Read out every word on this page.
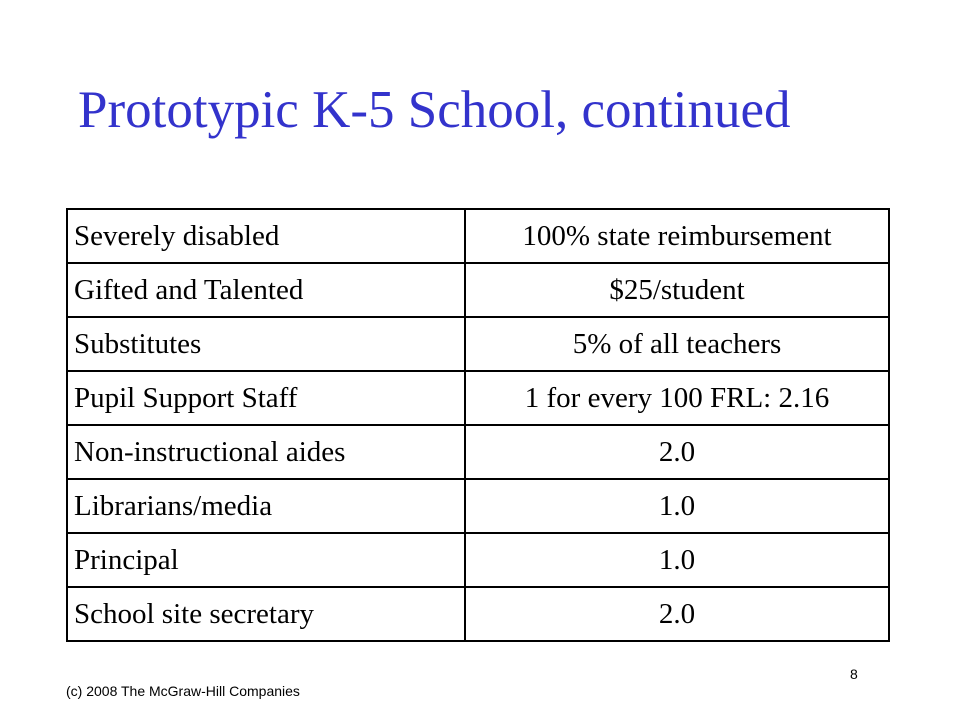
Prototypic K-5 School, continued
Severely disabled	100% state reimbursement
Gifted and Talented	$25/student
Substitutes	5% of all teachers
Pupil Support Staff	1 for every 100 FRL: 2.16
Non-instructional aides	2.0
Librarians/media	1.0
Principal	1.0
School site secretary	2.0
(c) 2008 The McGraw-Hill Companies
8
